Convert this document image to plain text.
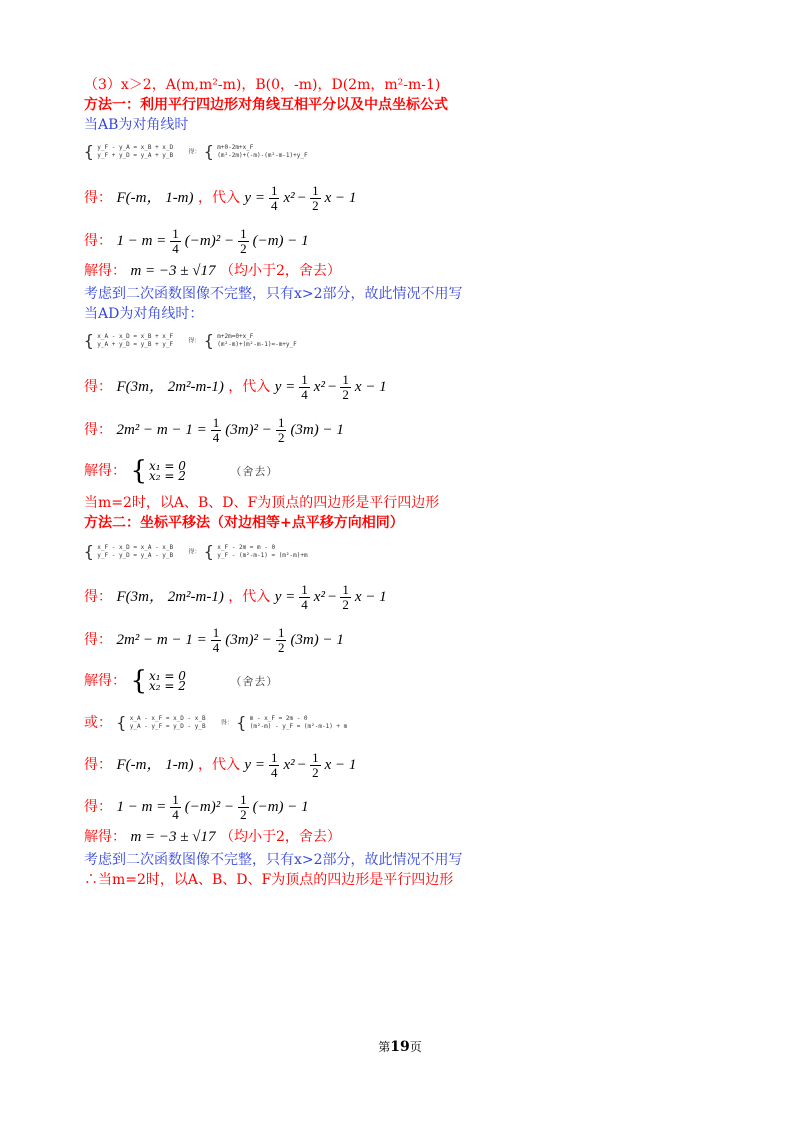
（3）x＞2，A(m,m²-m)，B(0，-m)，D(2m，m²-m-1)
方法一：利用平行四边形对角线互相平分以及中点坐标公式
当AB为对角线时
{ y_F - y_A = x_B + x_D
y_F + y_D = y_A + y_B	得： { m+0-2m+x_F
(m²-2m)+(-m)-(m²-m-1)+y_F
得： F(-m， 1-m) ，代入 $y = \frac{1}{4} x^2 - \frac{1}{2}$ x − 1
得： $1 - m = \frac{1}{4} (-m)^2 - \frac{1}{2} (-m) - 1$
解得： m = −3 ± √17 （均小于2，舍去）
考虑到二次函数图像不完整，只有x>2部分，故此情况不用写
当AD为对角线时：
{ x_A - x_D = x_B + x_F
y_A + y_D = y_B + y_F	得： { m+2m=0+x_F
(m²-m)+(m²-m-1)=-m+y_F
得： F(3m， 2m²-m-1) ，代入 $y = \frac{1}{4} x^2 - \frac{1}{2}$ x − 1
得： $2m^2 - m - 1 = \frac{1}{4} (3m)^2 - \frac{1}{2} (3m) - 1$
解得： { x₁ = 0
x₂ = 2	（舍去）
当m=2时，以A、B、D、F为顶点的四边形是平行四边形
方法二：坐标平移法（对边相等+点平移方向相同）
{ x_F - x_D = x_A - x_B
y_F - y_D = y_A - y_B	得： { x_F - 2m = m - 0
y_F - (m²-m-1) = (m²-m)+m
得： F(3m， 2m²-m-1) ，代入 $y = \frac{1}{4} x^2 - \frac{1}{2}$ x − 1
得： $2m^2 - m - 1 = \frac{1}{4} (3m)^2 - \frac{1}{2} (3m) - 1$
解得： { x₁ = 0
x₂ = 2	（舍去）
或： { x_A - x_F = x_D - x_B
y_A - y_F = y_D - y_B	得： { m - x_F = 2m - 0
(m²-m) - y_F = (m²-m-1) + m
得： F(-m， 1-m) ，代入 $y = \frac{1}{4} x^2 - \frac{1}{2}$ x − 1
得： $1 - m = \frac{1}{4} (-m)^2 - \frac{1}{2} (-m) - 1$
解得： m = −3 ± √17 （均小于2，舍去）
考虑到二次函数图像不完整，只有x>2部分，故此情况不用写
∴当m=2时，以A、B、D、F为顶点的四边形是平行四边形
第19页
